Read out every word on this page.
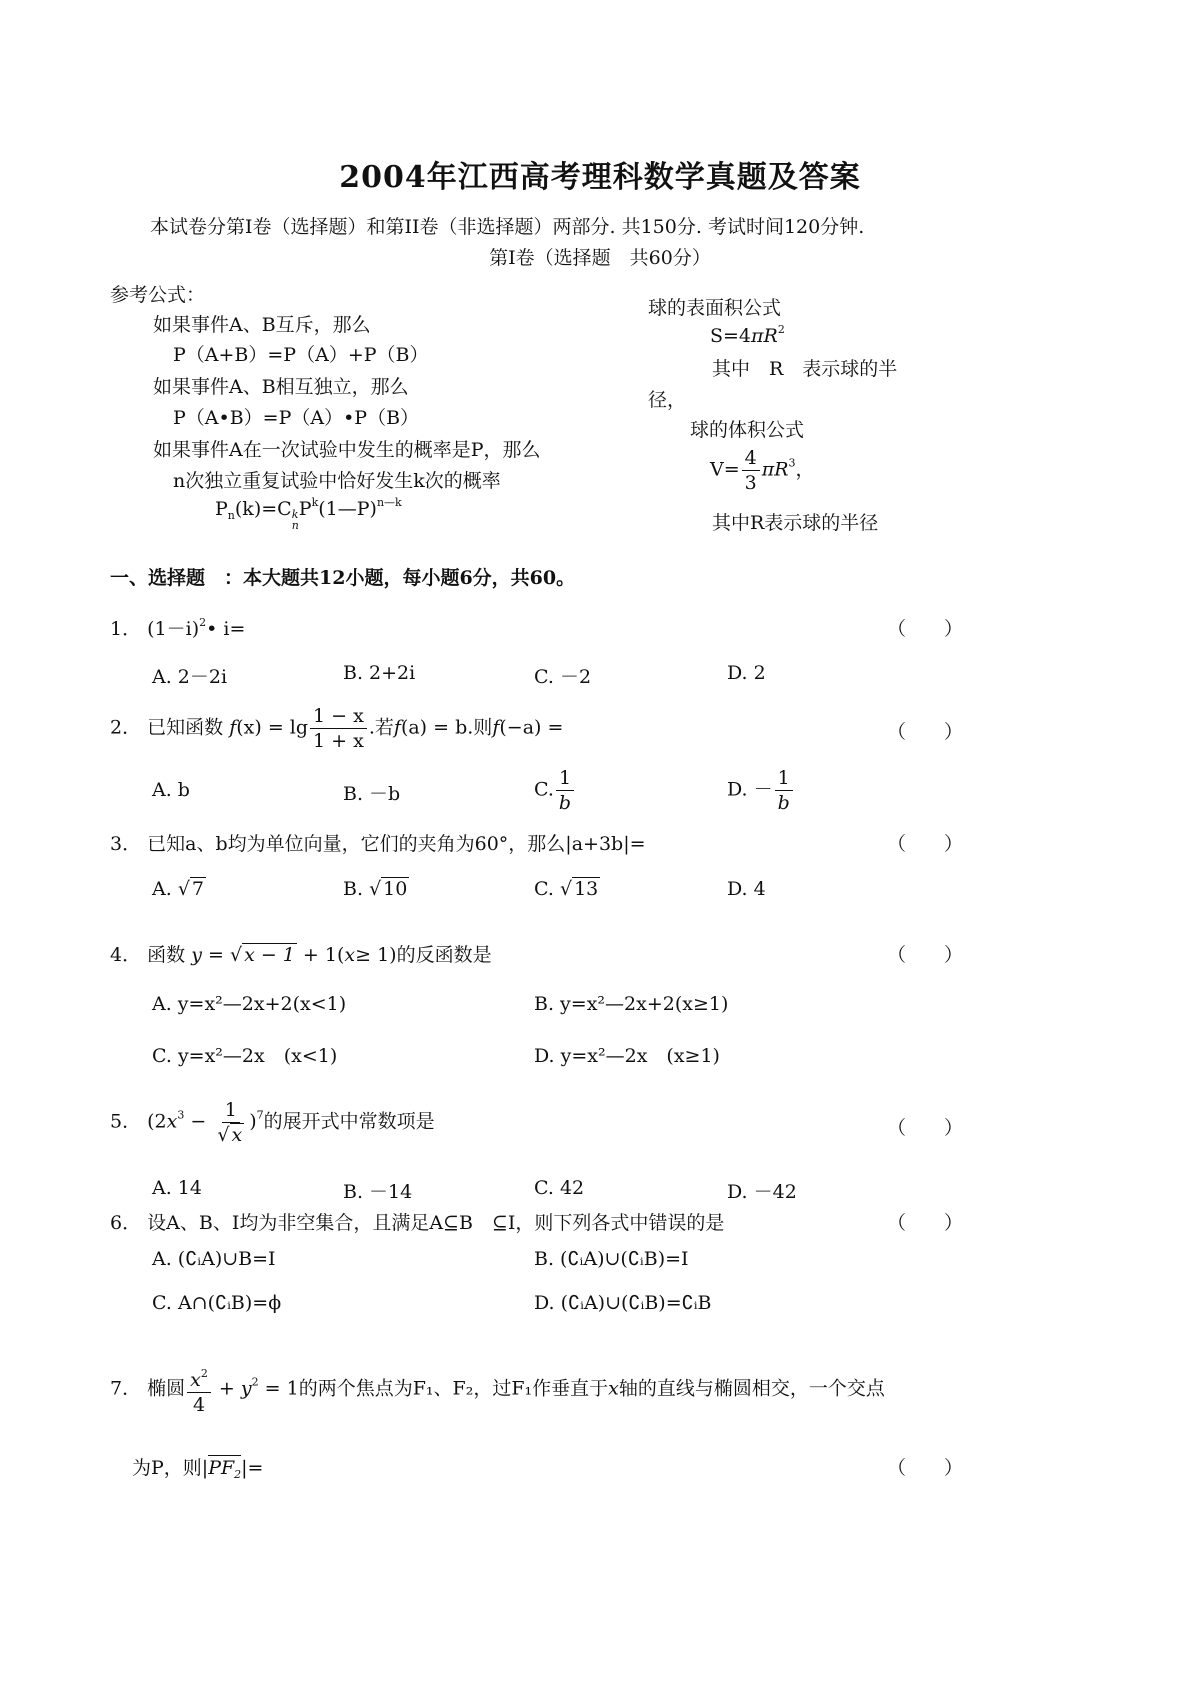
2004年江西高考理科数学真题及答案
本试卷分第Ⅰ卷（选择题）和第II卷（非选择题）两部分. 共150分. 考试时间120分钟.
第Ⅰ卷（选择题　共60分）
参考公式：
如果事件A、B互斥，那么
P（A+B）=P（A）+P（B）
如果事件A、B相互独立，那么
P（A•B）=P（A）•P（B）
如果事件A在一次试验中发生的概率是P，那么
n次独立重复试验中恰好发生k次的概率
$P_n(k)=C$ k
n
$P^k(1—P)^{n—k}$
球的表面积公式
$S=4\pi R^2$
其中　R　表示球的半
径，
球的体积公式
$V= \frac{4}{3} \pi R^3$，
其中R表示球的半径
一、选择题　：本大题共12小题，每小题6分，共60。
1． $(1-i)^2•$ i=	（　　）
A. 2－2i	B. 2+2i	C. －2	D. 2
2． 已知函数 $f(x) = \lg \frac{1 - x}{1 + x}$ .若f(a) = b.则f(−a) =	（　　）
A. b	B. －b	C. $\frac{1}{b}$	D. － $\frac{1}{b}$
3． 已知a、b均为单位向量，它们的夹角为60°，那么|a+3b|=	（　　）
A. √ 7	B. √ 10	C. √ 13	D. 4
4． 函数 y = √ x − 1 + 1(x≥ 1)的反函数是	（　　）
A. y=x²—2x+2(x<1)	B. y=x²—2x+2(x≥1)
C. y=x²—2x　(x<1)	D. y=x²—2x　(x≥1)
5． $(2x^3 - \frac{1}{√ x} )^7$的展开式中常数项是	（　　）
A. 14	B. －14	C. 42	D. －42
6． 设A、B、I均为非空集合，且满足A⊆B　⊆I，则下列各式中错误的是	（　　）
A. (∁ᵢA)∪B=I	B. (∁ᵢA)∪(∁ᵢB)=I
C. A∩(∁ᵢB)=ϕ	D. (∁ᵢA)∪(∁ᵢB)=∁ᵢB
7． 椭圆 $\frac{x^2}{4} + y^2 = 1$的两个焦点为F₁、F₂，过F₁作垂直于x轴的直线与椭圆相交，一个交点
为P，则$|PF_2|=$	（　　）
